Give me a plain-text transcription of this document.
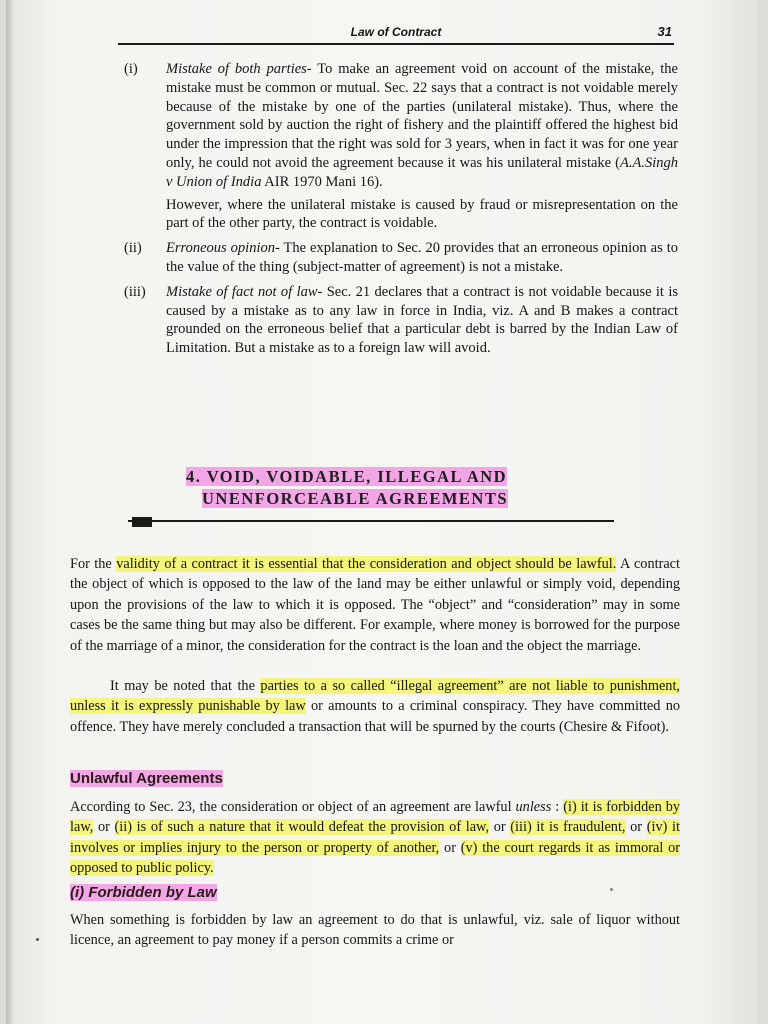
Law of Contract	31
(i) Mistake of both parties- To make an agreement void on account of the mistake, the mistake must be common or mutual. Sec. 22 says that a contract is not voidable merely because of the mistake by one of the parties (unilateral mistake). Thus, where the government sold by auction the right of fishery and the plaintiff offered the highest bid under the impression that the right was sold for 3 years, when in fact it was for one year only, he could not avoid the agreement because it was his unilateral mistake (A.A.Singh v Union of India AIR 1970 Mani 16).

However, where the unilateral mistake is caused by fraud or misrepresentation on the part of the other party, the contract is voidable.

(ii) Erroneous opinion- The explanation to Sec. 20 provides that an erroneous opinion as to the value of the thing (subject-matter of agreement) is not a mistake.

(iii) Mistake of fact not of law- Sec. 21 declares that a contract is not voidable because it is caused by a mistake as to any law in force in India, viz. A and B makes a contract grounded on the erroneous belief that a particular debt is barred by the Indian Law of Limitation. But a mistake as to a foreign law will avoid.

4. VOID, VOIDABLE, ILLEGAL AND
UNENFORCEABLE AGREEMENTS

For the validity of a contract it is essential that the consideration and object should be lawful. A contract the object of which is opposed to the law of the land may be either unlawful or simply void, depending upon the provisions of the law to which it is opposed. The “object” and “consideration” may in some cases be the same thing but may also be different. For example, where money is borrowed for the purpose of the marriage of a minor, the consideration for the contract is the loan and the object the marriage.

It may be noted that the parties to a so called “illegal agreement” are not liable to punishment, unless it is expressly punishable by law or amounts to a criminal conspiracy. They have committed no offence. They have merely concluded a transaction that will be spurned by the courts (Chesire & Fifoot).

Unlawful Agreements

According to Sec. 23, the consideration or object of an agreement are lawful unless : (i) it is forbidden by law, or (ii) is of such a nature that it would defeat the provision of law, or (iii) it is fraudulent, or (iv) it involves or implies injury to the person or property of another, or (v) the court regards it as immoral or opposed to public policy.

(i) Forbidden by Law

When something is forbidden by law an agreement to do that is unlawful, viz. sale of liquor without licence, an agreement to pay money if a person commits a crime or
